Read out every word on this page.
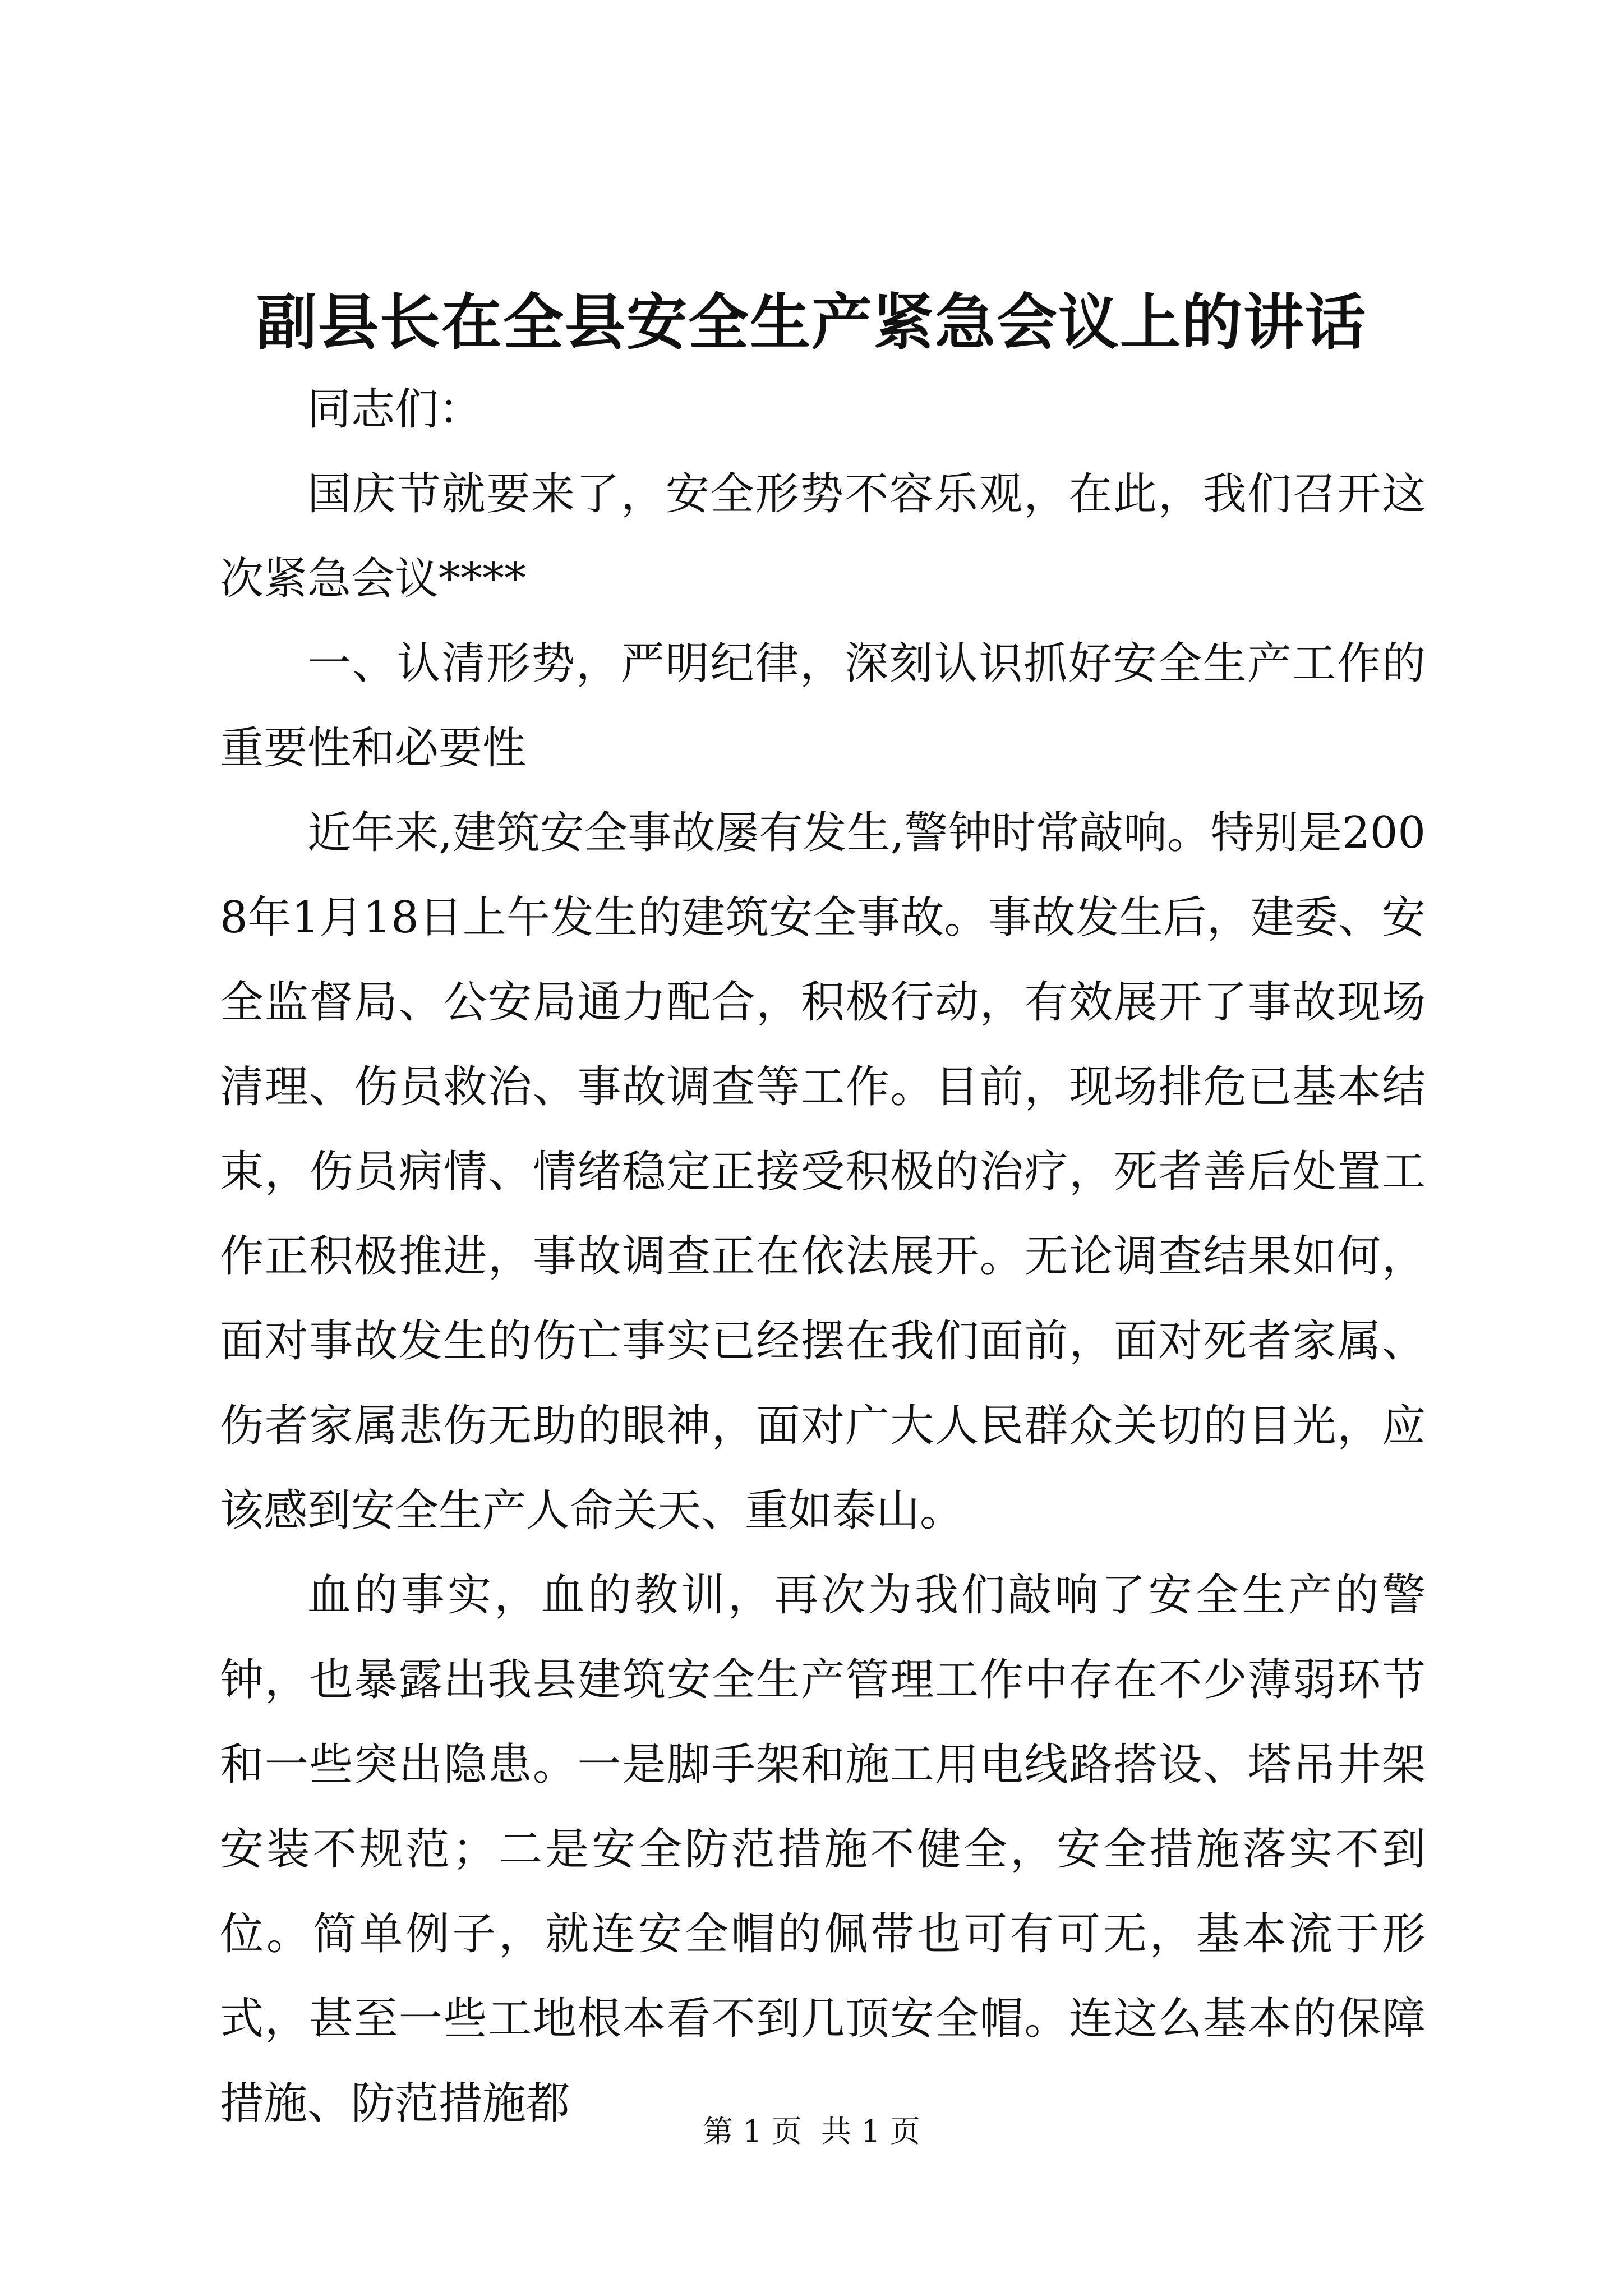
副县长在全县安全生产紧急会议上的讲话

同志们：

国庆节就要来了，安全形势不容乐观，在此，我们召开这次紧急会议****

一、认清形势，严明纪律，深刻认识抓好安全生产工作的重要性和必要性

近年来,建筑安全事故屡有发生,警钟时常敲响。特别是2008年1月18日上午发生的建筑安全事故。事故发生后，建委、安全监督局、公安局通力配合，积极行动，有效展开了事故现场清理、伤员救治、事故调查等工作。目前，现场排危已基本结束，伤员病情、情绪稳定正接受积极的治疗，死者善后处置工作正积极推进，事故调查正在依法展开。无论调查结果如何，面对事故发生的伤亡事实已经摆在我们面前，面对死者家属、伤者家属悲伤无助的眼神，面对广大人民群众关切的目光，应该感到安全生产人命关天、重如泰山。

血的事实，血的教训，再次为我们敲响了安全生产的警钟，也暴露出我县建筑安全生产管理工作中存在不少薄弱环节和一些突出隐患。一是脚手架和施工用电线路搭设、塔吊井架安装不规范；二是安全防范措施不健全，安全措施落实不到位。简单例子，就连安全帽的佩带也可有可无，基本流于形式，甚至一些工地根本看不到几顶安全帽。连这么基本的保障措施、防范措施都

第 1 页  共 1 页
